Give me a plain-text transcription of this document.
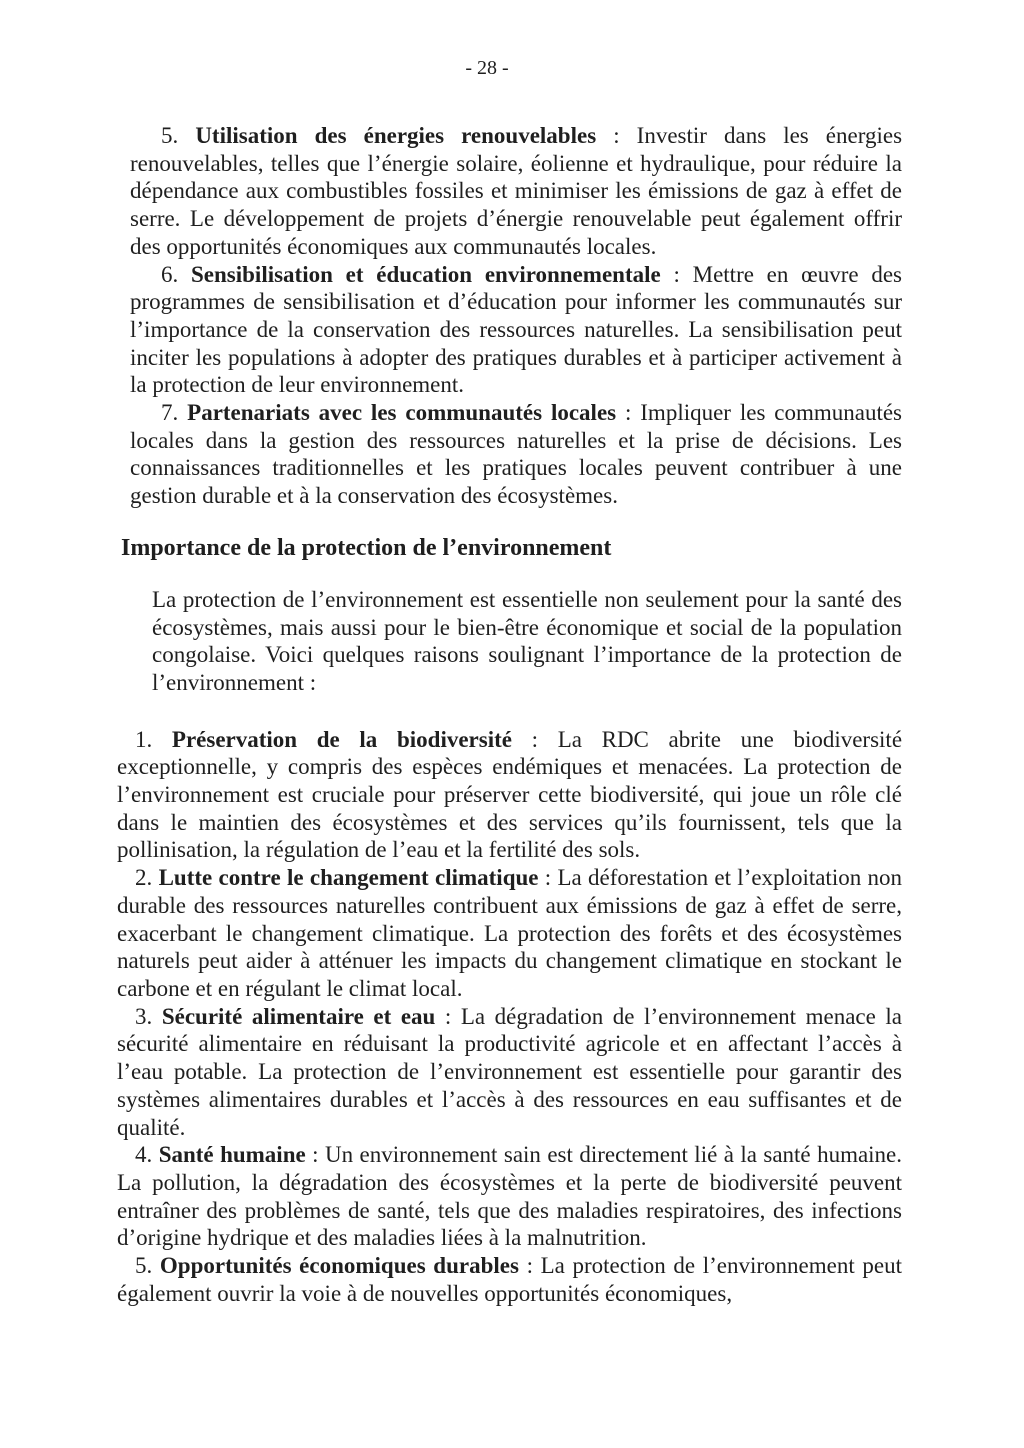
- 28 -

5. Utilisation des énergies renouvelables : Investir dans les énergies renouvelables, telles que l’énergie solaire, éolienne et hydraulique, pour réduire la dépendance aux combustibles fossiles et minimiser les émissions de gaz à effet de serre. Le développement de projets d’énergie renouvelable peut également offrir des opportunités économiques aux communautés locales.

6. Sensibilisation et éducation environnementale : Mettre en œuvre des programmes de sensibilisation et d’éducation pour informer les communautés sur l’importance de la conservation des ressources naturelles. La sensibilisation peut inciter les populations à adopter des pratiques durables et à participer activement à la protection de leur environnement.

7. Partenariats avec les communautés locales : Impliquer les communautés locales dans la gestion des ressources naturelles et la prise de décisions. Les connaissances traditionnelles et les pratiques locales peuvent contribuer à une gestion durable et à la conservation des écosystèmes.

Importance de la protection de l’environnement

La protection de l’environnement est essentielle non seulement pour la santé des écosystèmes, mais aussi pour le bien-être économique et social de la population congolaise. Voici quelques raisons soulignant l’importance de la protection de l’environnement :

1. Préservation de la biodiversité : La RDC abrite une biodiversité exceptionnelle, y compris des espèces endémiques et menacées. La protection de l’environnement est cruciale pour préserver cette biodiversité, qui joue un rôle clé dans le maintien des écosystèmes et des services qu’ils fournissent, tels que la pollinisation, la régulation de l’eau et la fertilité des sols.

2. Lutte contre le changement climatique : La déforestation et l’exploitation non durable des ressources naturelles contribuent aux émissions de gaz à effet de serre, exacerbant le changement climatique. La protection des forêts et des écosystèmes naturels peut aider à atténuer les impacts du changement climatique en stockant le carbone et en régulant le climat local.

3. Sécurité alimentaire et eau : La dégradation de l’environnement menace la sécurité alimentaire en réduisant la productivité agricole et en affectant l’accès à l’eau potable. La protection de l’environnement est essentielle pour garantir des systèmes alimentaires durables et l’accès à des ressources en eau suffisantes et de qualité.

4. Santé humaine : Un environnement sain est directement lié à la santé humaine. La pollution, la dégradation des écosystèmes et la perte de biodiversité peuvent entraîner des problèmes de santé, tels que des maladies respiratoires, des infections d’origine hydrique et des maladies liées à la malnutrition.

5. Opportunités économiques durables : La protection de l’environnement peut également ouvrir la voie à de nouvelles opportunités économiques,
